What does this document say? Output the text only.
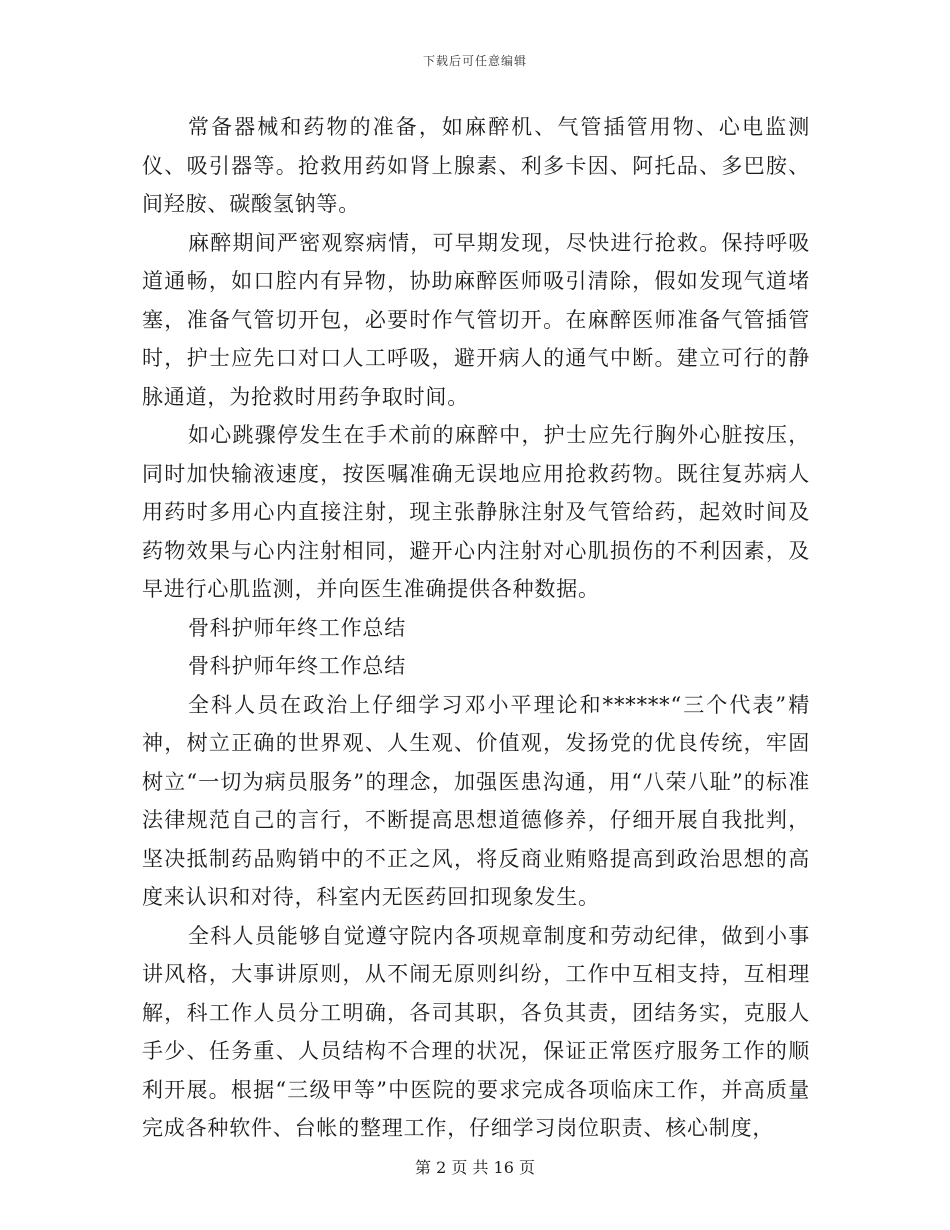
下载后可任意编辑

常备器械和药物的准备，如麻醉机、气管插管用物、心电监测仪、吸引器等。抢救用药如肾上腺素、利多卡因、阿托品、多巴胺、间羟胺、碳酸氢钠等。

麻醉期间严密观察病情，可早期发现，尽快进行抢救。保持呼吸道通畅，如口腔内有异物，协助麻醉医师吸引清除，假如发现气道堵塞，准备气管切开包，必要时作气管切开。在麻醉医师准备气管插管时，护士应先口对口人工呼吸，避开病人的通气中断。建立可行的静脉通道，为抢救时用药争取时间。

如心跳骤停发生在手术前的麻醉中，护士应先行胸外心脏按压，同时加快输液速度，按医嘱准确无误地应用抢救药物。既往复苏病人用药时多用心内直接注射，现主张静脉注射及气管给药，起效时间及药物效果与心内注射相同，避开心内注射对心肌损伤的不利因素，及早进行心肌监测，并向医生准确提供各种数据。

骨科护师年终工作总结

骨科护师年终工作总结

全科人员在政治上仔细学习邓小平理论和******“三个代表”精神，树立正确的世界观、人生观、价值观，发扬党的优良传统，牢固树立“一切为病员服务”的理念，加强医患沟通，用“八荣八耻”的标准法律规范自己的言行，不断提高思想道德修养，仔细开展自我批判，坚决抵制药品购销中的不正之风，将反商业贿赂提高到政治思想的高度来认识和对待，科室内无医药回扣现象发生。

全科人员能够自觉遵守院内各项规章制度和劳动纪律，做到小事讲风格，大事讲原则，从不闹无原则纠纷，工作中互相支持，互相理解，科工作人员分工明确，各司其职，各负其责，团结务实，克服人手少、任务重、人员结构不合理的状况，保证正常医疗服务工作的顺利开展。根据“三级甲等”中医院的要求完成各项临床工作，并高质量完成各种软件、台帐的整理工作，仔细学习岗位职责、核心制度，

第 2 页 共 16 页
